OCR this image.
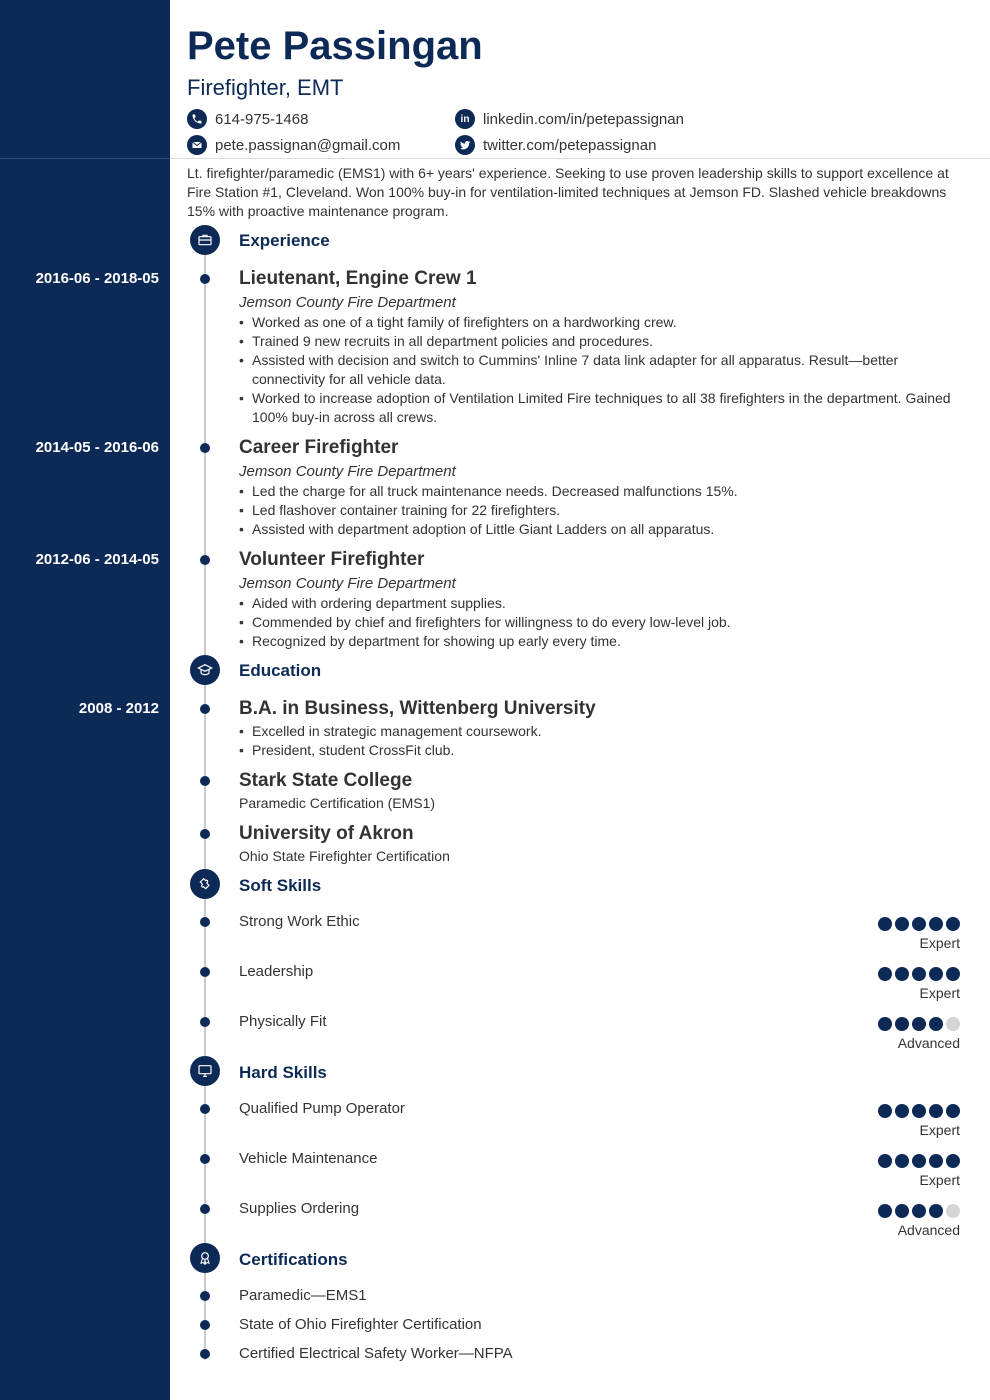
Pete Passingan
Firefighter, EMT
614-975-1468
pete.passignan@gmail.com
in linkedin.com/in/petepassignan
twitter.com/petepassignan
Lt. firefighter/paramedic (EMS1) with 6+ years' experience. Seeking to use proven leadership skills to support excellence at Fire Station #1, Cleveland. Won 100% buy-in for ventilation-limited techniques at Jemson FD. Slashed vehicle breakdowns 15% with proactive maintenance program.
Experience
2016-06 - 2018-05	Lieutenant, Engine Crew 1
Jemson County Fire Department
• Worked as one of a tight family of firefighters on a hardworking crew.
• Trained 9 new recruits in all department policies and procedures.
• Assisted with decision and switch to Cummins' Inline 7 data link adapter for all apparatus. Result—better connectivity for all vehicle data.
• Worked to increase adoption of Ventilation Limited Fire techniques to all 38 firefighters in the department. Gained 100% buy-in across all crews.
2014-05 - 2016-06	Career Firefighter
Jemson County Fire Department
• Led the charge for all truck maintenance needs. Decreased malfunctions 15%.
• Led flashover container training for 22 firefighters.
• Assisted with department adoption of Little Giant Ladders on all apparatus.
2012-06 - 2014-05	Volunteer Firefighter
Jemson County Fire Department
• Aided with ordering department supplies.
• Commended by chief and firefighters for willingness to do every low-level job.
• Recognized by department for showing up early every time.
Education
2008 - 2012	B.A. in Business, Wittenberg University
• Excelled in strategic management coursework.
• President, student CrossFit club.
Stark State College
Paramedic Certification (EMS1)
University of Akron
Ohio State Firefighter Certification
Soft Skills
Strong Work Ethic
Expert
Leadership
Expert
Physically Fit
Advanced
Hard Skills
Qualified Pump Operator
Expert
Vehicle Maintenance
Expert
Supplies Ordering
Advanced
Certifications
Paramedic—EMS1
State of Ohio Firefighter Certification
Certified Electrical Safety Worker—NFPA
